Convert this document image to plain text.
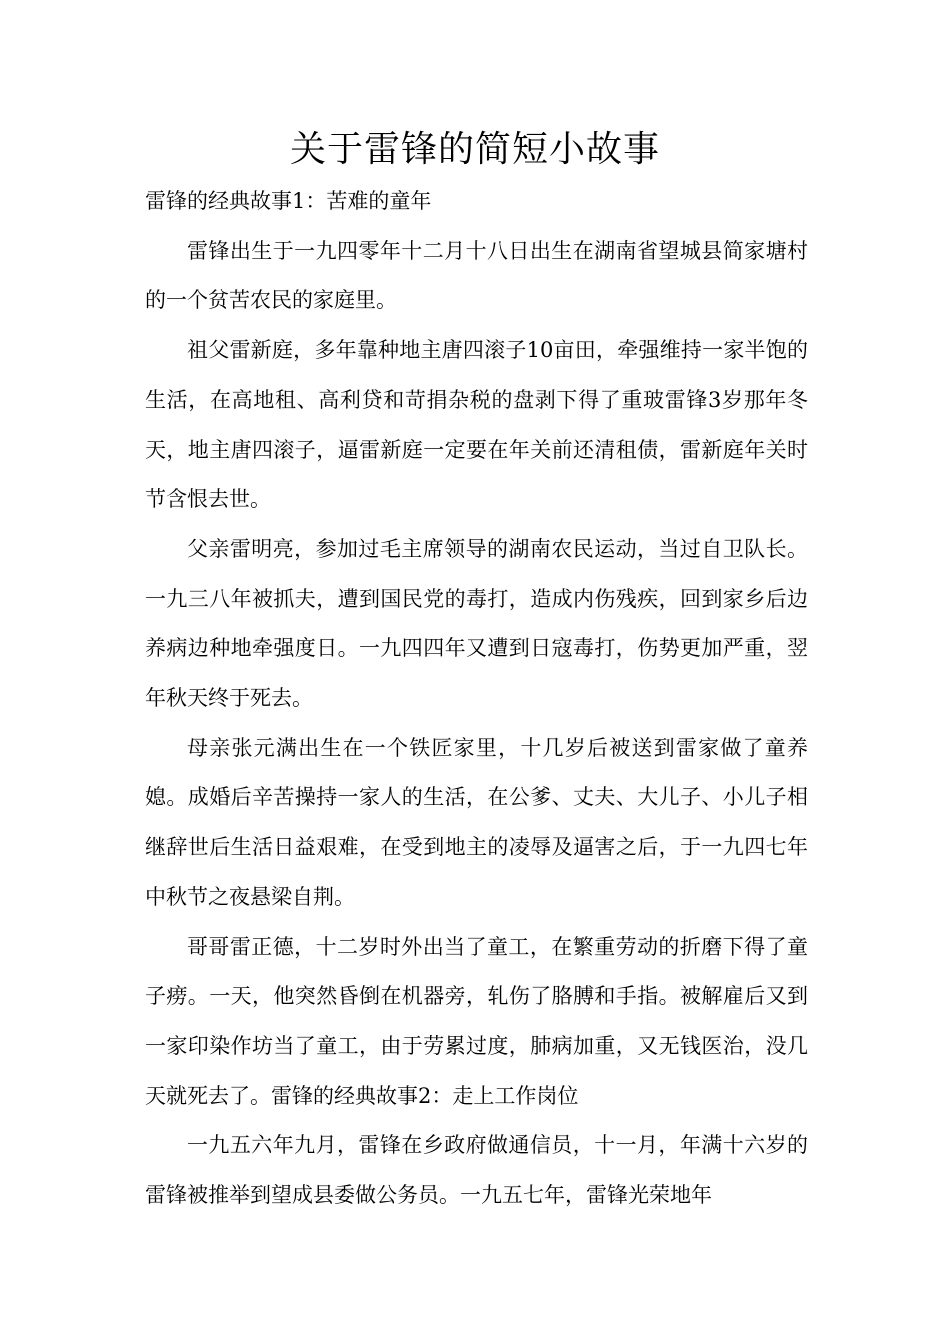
关于雷锋的简短小故事

雷锋的经典故事1：苦难的童年

雷锋出生于一九四零年十二月十八日出生在湖南省望城县简家塘村的一个贫苦农民的家庭里。

祖父雷新庭，多年靠种地主唐四滚子10亩田，牵强维持一家半饱的生活，在高地租、高利贷和苛捐杂税的盘剥下得了重玻雷锋3岁那年冬天，地主唐四滚子，逼雷新庭一定要在年关前还清租债，雷新庭年关时节含恨去世。

父亲雷明亮，参加过毛主席领导的湖南农民运动，当过自卫队长。一九三八年被抓夫，遭到国民党的毒打，造成内伤残疾，回到家乡后边养病边种地牵强度日。一九四四年又遭到日寇毒打，伤势更加严重，翌年秋天终于死去。

母亲张元满出生在一个铁匠家里，十几岁后被送到雷家做了童养媳。成婚后辛苦操持一家人的生活，在公爹、丈夫、大儿子、小儿子相继辞世后生活日益艰难，在受到地主的凌辱及逼害之后，于一九四七年中秋节之夜悬梁自荆。

哥哥雷正德，十二岁时外出当了童工，在繁重劳动的折磨下得了童子痨。一天，他突然昏倒在机器旁，轧伤了胳膊和手指。被解雇后又到一家印染作坊当了童工，由于劳累过度，肺病加重，又无钱医治，没几天就死去了。雷锋的经典故事2：走上工作岗位

一九五六年九月，雷锋在乡政府做通信员，十一月，年满十六岁的雷锋被推举到望成县委做公务员。一九五七年，雷锋光荣地年
